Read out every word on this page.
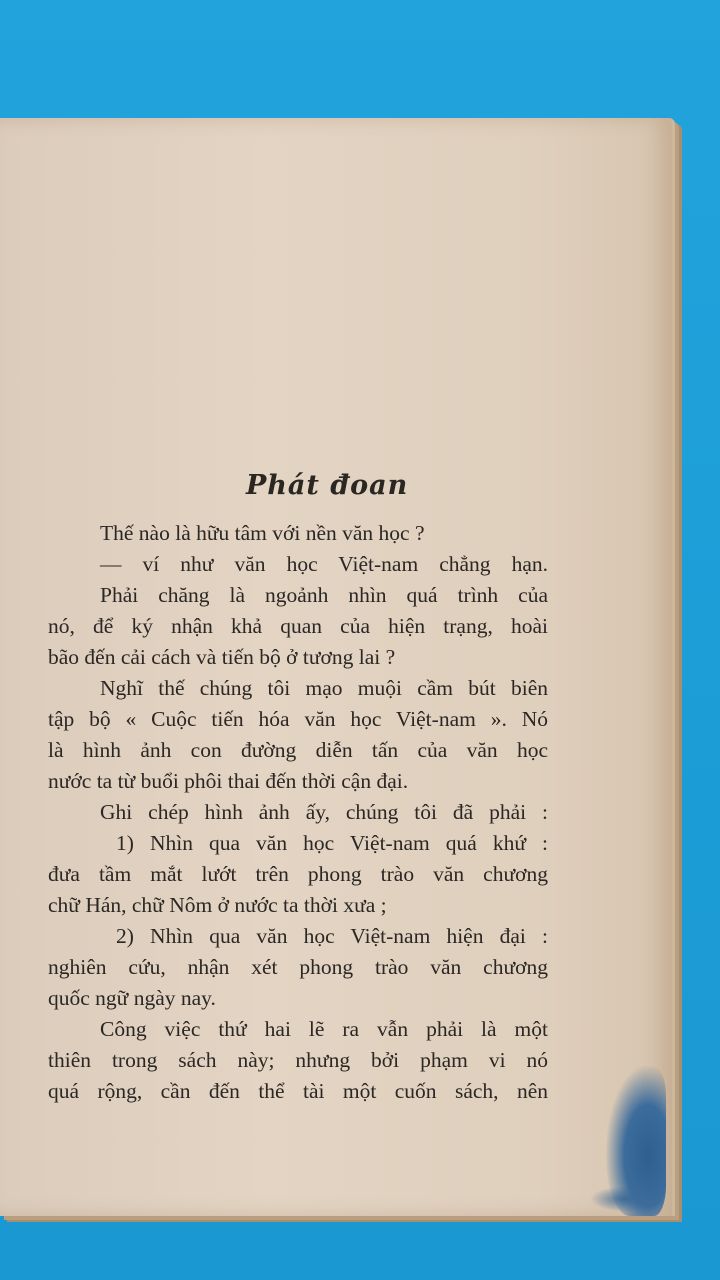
Phát đoan
Thế nào là hữu tâm với nền văn học ?
— ví như văn học Việt-nam chẳng hạn.
Phải chăng là ngoảnh nhìn quá trình của
nó, để ký nhận khả quan của hiện trạng, hoài
bão đến cải cách và tiến bộ ở tương lai ?
Nghĩ thế chúng tôi mạo muội cầm bút biên
tập bộ « Cuộc tiến hóa văn học Việt-nam ». Nó
là hình ảnh con đường diễn tấn của văn học
nước ta từ buổi phôi thai đến thời cận đại.
Ghi chép hình ảnh ấy, chúng tôi đã phải :
1) Nhìn qua văn học Việt-nam quá khứ :
đưa tầm mắt lướt trên phong trào văn chương
chữ Hán, chữ Nôm ở nước ta thời xưa ;
2) Nhìn qua văn học Việt-nam hiện đại :
nghiên cứu, nhận xét phong trào văn chương
quốc ngữ ngày nay.
Công việc thứ hai lẽ ra vẫn phải là một
thiên trong sách này; nhưng bởi phạm vi nó
quá rộng, cần đến thể tài một cuốn sách, nên
